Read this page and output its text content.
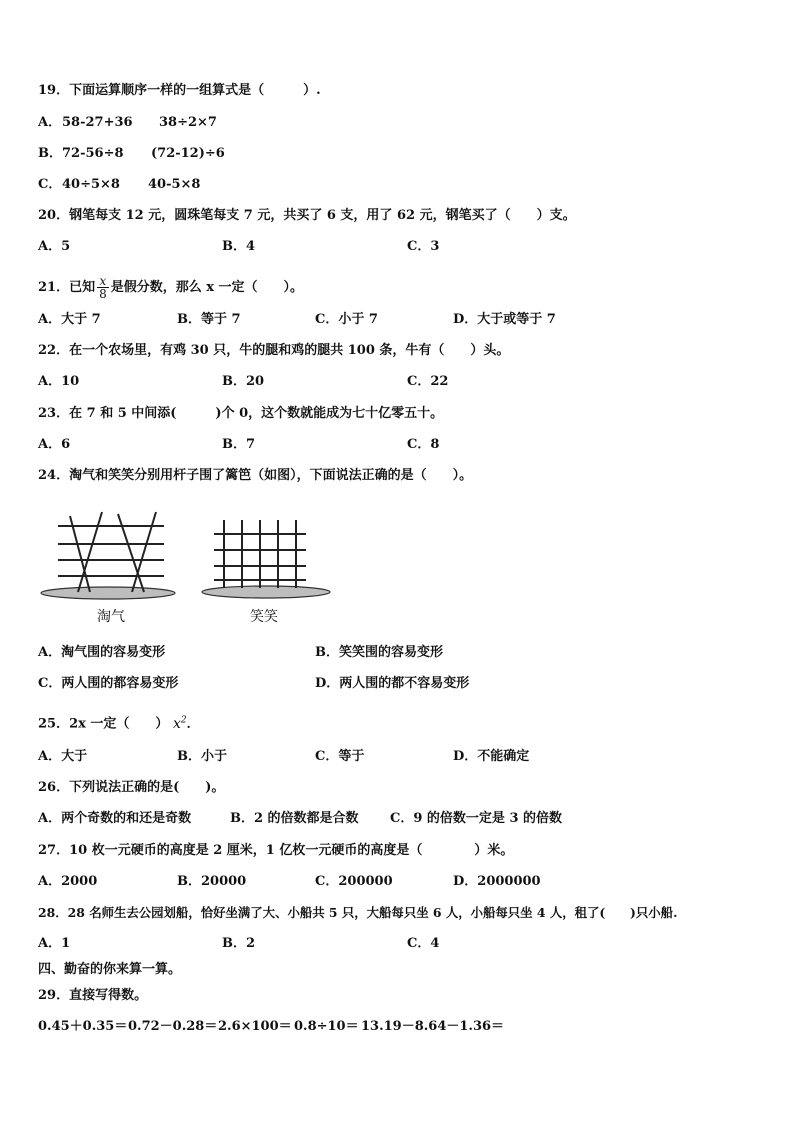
19．下面运算顺序一样的一组算式是（　　　）.
A． 58-27+36 38÷2×7
B． 72-56÷8 (72-12)÷6
C． 40÷5×8 40-5×8
20．钢笔每支 12 元，圆珠笔每支 7 元，共买了 6 支，用了 62 元，钢笔买了（　　）支。
A．5	B．4	C．3
21．已知 $\frac{x}{8}$ 是假分数，那么 x 一定（　　）。
A．大于 7	B．等于 7	C．小于 7	D．大于或等于 7
22．在一个农场里，有鸡 30 只，牛的腿和鸡的腿共 100 条，牛有（　　）头。
A．10	B．20	C．22
23．在 7 和 5 中间添(　　　)个 0，这个数就能成为七十亿零五十。
A．6	B．7	C．8
24．淘气和笑笑分别用杆子围了篱笆（如图），下面说法正确的是（　　）。
淘气	笑笑
A．淘气围的容易变形	B．笑笑围的容易变形
C．两人围的都容易变形	D．两人围的都不容易变形
25．2x 一定（　　） $x^2$．
A．大于	B．小于	C．等于	D．不能确定
26．下列说法正确的是(　　)。
A．两个奇数的和还是奇数	B．2 的倍数都是合数 C．9 的倍数一定是 3 的倍数
27．10 枚一元硬币的高度是 2 厘米，1 亿枚一元硬币的高度是（　　　　）米。
A．2000	B．20000	C．200000	D．2000000
28．28 名师生去公园划船，恰好坐满了大、小船共 5 只，大船每只坐 6 人，小船每只坐 4 人，租了(　　)只小船.
A．1	B．2	C．4
四、勤奋的你来算一算。
29．直接写得数。
0.45＋0.35＝ 0.72－0.28＝ 2.6×100＝ 0.8÷10＝ 13.19－8.64－1.36＝
